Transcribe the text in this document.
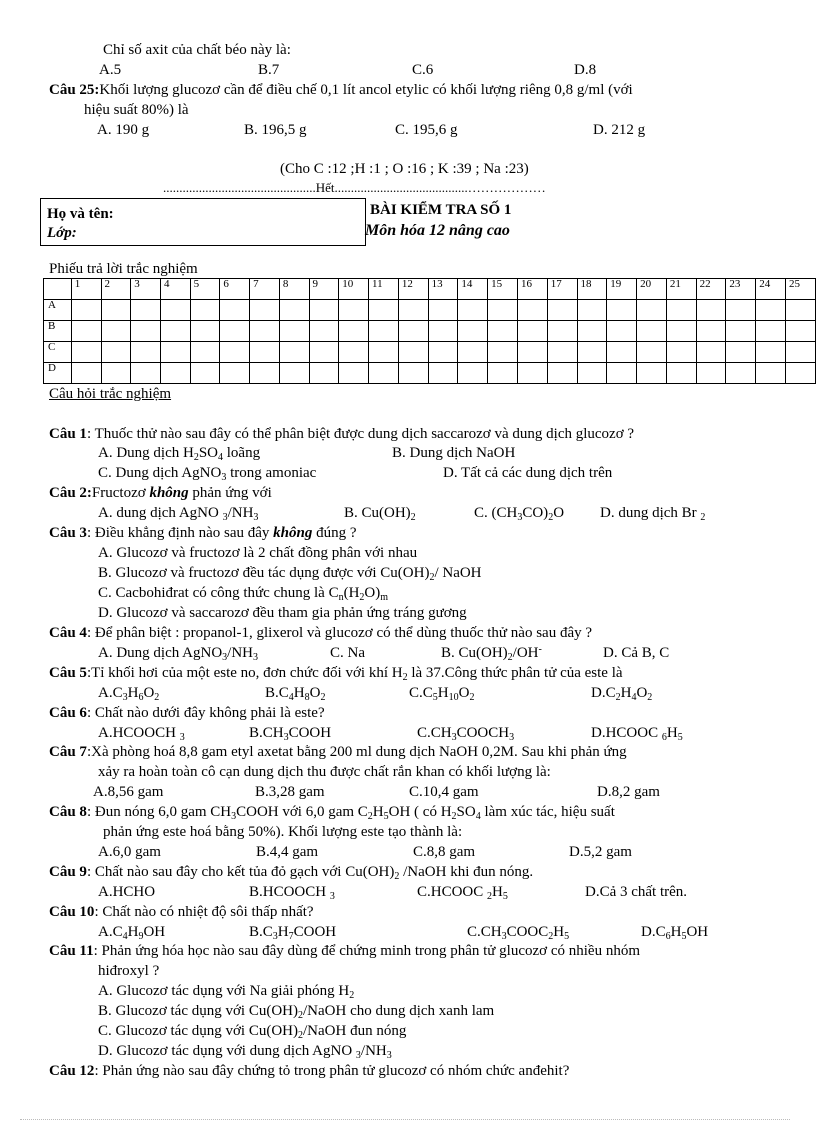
Chỉ số axit của chất béo này là:
A.5	B.7	C.6	D.8
Câu 25:Khối lượng glucozơ cần để điều chế 0,1 lít ancol etylic có khối lượng riêng 0,8 g/ml (với
hiệu suất 80%) là
A. 190 g	B. 196,5 g	C. 195,6 g	D. 212 g
(Cho C :12 ;H :1 ; O :16 ; K :39 ; Na :23)
...............................................Hết.........................................………………
Họ và tên:
Lớp:
BÀI KIỂM TRA SỐ 1
Môn hóa 12 nâng cao
Phiếu trả lời trắc nghiệm
	1	2	3	4	5	6	7	8	9	10	11	12	13	14	15	16	17	18	19	20	21	22	23	24	25
A																									
B																									
C																									
D																									
Câu hỏi trắc nghiệm
Câu 1: Thuốc thử nào sau đây có thể phân biệt được dung dịch saccarozơ và dung dịch glucozơ ?
A. Dung dịch $H_2SO_4$ loãng	B. Dung dịch NaOH
C. Dung dịch AgNO$_3$ trong amoniac	D. Tất cả các dung dịch trên
Câu 2:Fructozơ không phản ứng với
A. dung dịch AgNO $_3/NH_3$	B. $Cu(OH)_2$	C. $(CH_3CO)_2O$ D. dung dịch Br $_2$
Câu 3: Điều khẳng định nào sau đây không đúng ?
A. Glucozơ và fructozơ là 2 chất đồng phân với nhau
B. Glucozơ và fructozơ đều tác dụng được với $Cu(OH)_2/$ NaOH
C. Cacbohiđrat có công thức chung là $C_n(H_2O)_m$
D. Glucozơ và saccarozơ đều tham gia phản ứng tráng gương
Câu 4: Để phân biệt : propanol-1, glixerol và glucozơ có thể dùng thuốc thử nào sau đây ?
A. Dung dịch $AgNO_3/NH_3$	C. Na	B. $Cu(OH)_2/OH^-$	D. Cả B, C
Câu 5:Tỉ khối hơi của một este no, đơn chức đối với khí $H_2$ là 37.Công thức phân tử của este là
$A.C_3H_6O_2$	$B.C_4H_8O_2$	$C.C_5H_{10}O_2$	$D.C_2H_4O_2$
Câu 6: Chất nào dưới đây không phải là este?
A.HCOOCH $_3$	$B.CH_3COOH$	$C.CH_3COOCH_3$	D.HCOOC $_6H_5$
Câu 7:Xà phòng hoá 8,8 gam etyl axetat bằng 200 ml dung dịch NaOH 0,2M. Sau khi phản ứng
xảy ra hoàn toàn cô cạn dung dịch thu được chất rắn khan có khối lượng là:
A.8,56 gam	B.3,28 gam	C.10,4 gam	D.8,2 gam
Câu 8: Đun nóng 6,0 gam $CH_3COOH$ với 6,0 gam $C_2H_5OH$ ( có $H_2SO_4$ làm xúc tác, hiệu suất
phản ứng este hoá bằng 50%). Khối lượng este tạo thành là:
A.6,0 gam	B.4,4 gam	C.8,8 gam	D.5,2 gam
Câu 9: Chất nào sau đây cho kết tủa đỏ gạch với $Cu(OH)_2$ /NaOH khi đun nóng.
A.HCHO	B.HCOOCH $_3$	C.HCOOC $_2H_5$	D.Cả 3 chất trên.
Câu 10: Chất nào có nhiệt độ sôi thấp nhất?
$A.C_4H_9OH$	$B.C_3H_7COOH$	$C.CH_3COOC_2H_5$	$D.C_6H_5OH$
Câu 11: Phản ứng hóa học nào sau đây dùng để chứng minh trong phân tử glucozơ có nhiều nhóm
hiđroxyl ?
A. Glucozơ tác dụng với Na giải phóng $H_2$
B. Glucozơ tác dụng với $Cu(OH)_2$/NaOH cho dung dịch xanh lam
C. Glucozơ tác dụng với $Cu(OH)_2$/NaOH đun nóng
D. Glucozơ tác dụng với dung dịch AgNO $_3/NH_3$
Câu 12: Phản ứng nào sau đây chứng tỏ trong phân tử glucozơ có nhóm chức anđehit?
